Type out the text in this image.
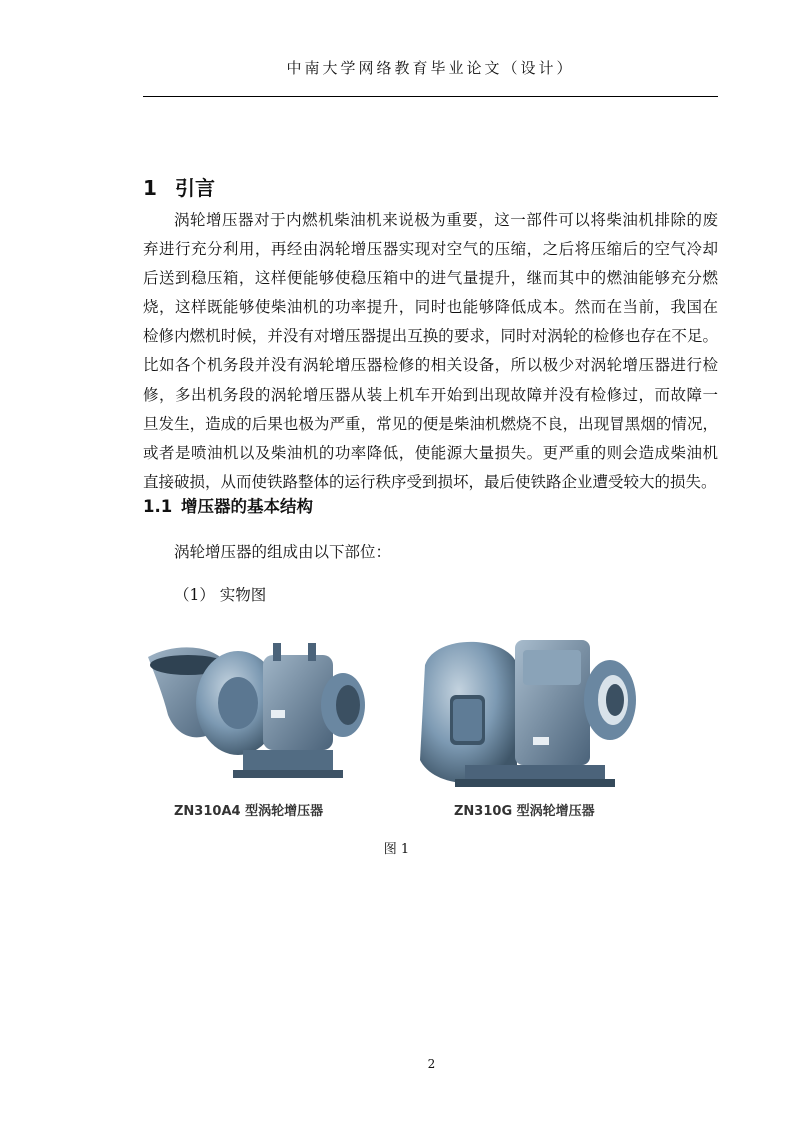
中南大学网络教育毕业论文（设计）
1 引言
涡轮增压器对于内燃机柴油机来说极为重要，这一部件可以将柴油机排除的废
弃进行充分利用，再经由涡轮增压器实现对空气的压缩，之后将压缩后的空气冷却
后送到稳压箱，这样便能够使稳压箱中的进气量提升，继而其中的燃油能够充分燃
烧，这样既能够使柴油机的功率提升，同时也能够降低成本。然而在当前，我国在
检修内燃机时候，并没有对增压器提出互换的要求，同时对涡轮的检修也存在不足。
比如各个机务段并没有涡轮增压器检修的相关设备，所以极少对涡轮增压器进行检
修，多出机务段的涡轮增压器从装上机车开始到出现故障并没有检修过，而故障一
旦发生，造成的后果也极为严重，常见的便是柴油机燃烧不良，出现冒黑烟的情况，
或者是喷油机以及柴油机的功率降低，使能源大量损失。更严重的则会造成柴油机
直接破损，从而使铁路整体的运行秩序受到损坏，最后使铁路企业遭受较大的损失。
1.1 增压器的基本结构
涡轮增压器的组成由以下部位：
（1） 实物图
ZN310A4 型涡轮增压器	ZN310G 型涡轮增压器
图 1
2
